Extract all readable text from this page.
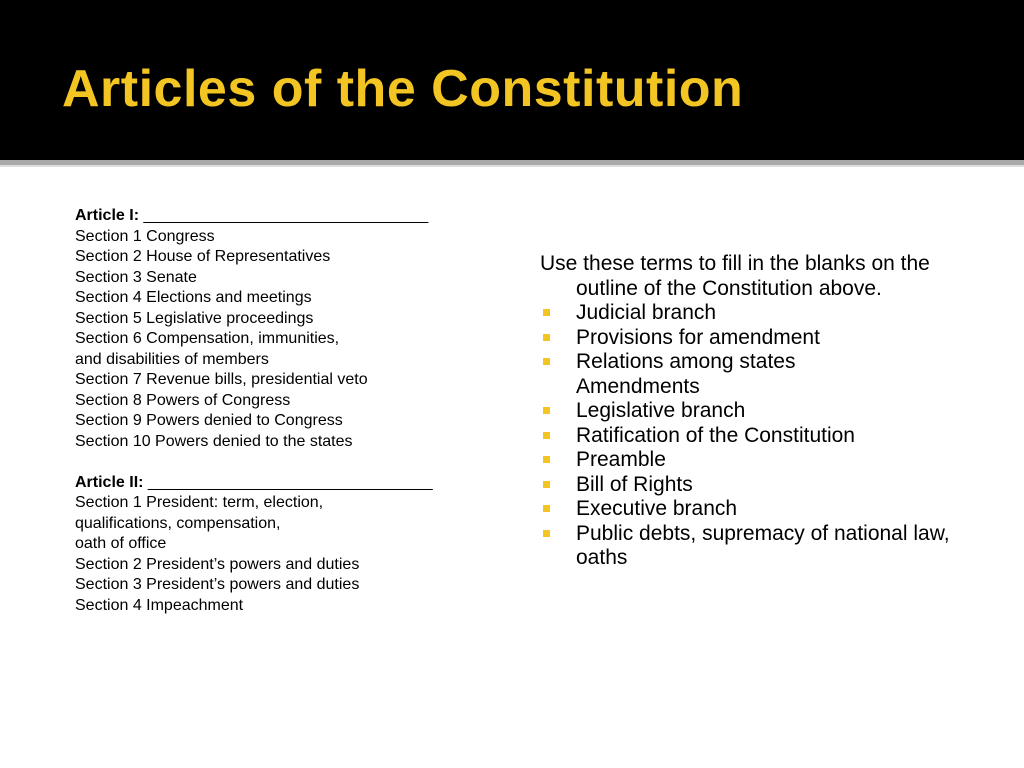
Articles of the Constitution
Article I: ________________________________
Section 1 Congress
Section 2 House of Representatives
Section 3 Senate
Section 4 Elections and meetings
Section 5 Legislative proceedings
Section 6 Compensation, immunities,
and disabilities of members
Section 7 Revenue bills, presidential veto
Section 8 Powers of Congress
Section 9 Powers denied to Congress
Section 10 Powers denied to the states
Article II: ________________________________
Section 1 President: term, election,
qualifications, compensation,
oath of office
Section 2 President’s powers and duties
Section 3 President’s powers and duties
Section 4 Impeachment
Use these terms to fill in the blanks on the outline of the Constitution above.
Judicial branch
Provisions for amendment
Relations among states
Amendments
Legislative branch
Ratification of the Constitution
Preamble
Bill of Rights
Executive branch
Public debts, supremacy of national law, oaths
